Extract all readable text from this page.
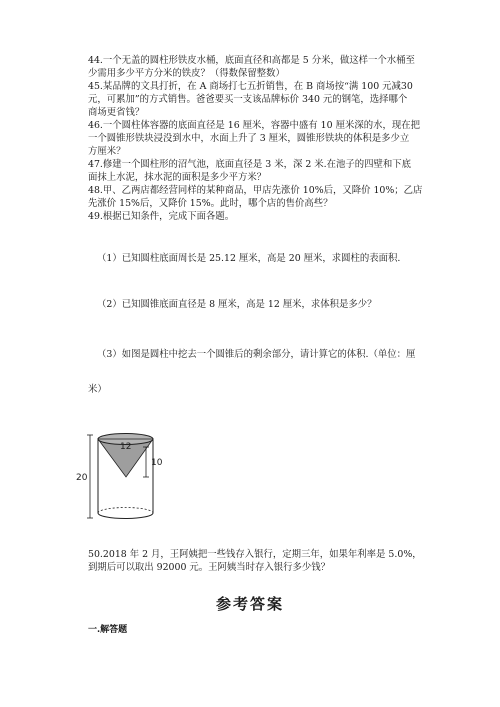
44.一个无盖的圆柱形铁皮水桶，底面直径和高都是 5 分米，做这样一个水桶至
少需用多少平方分米的铁皮？（得数保留整数）
45.某品牌的文具打折，在 A 商场打七五折销售，在 B 商场按“满 100 元减30
元，可累加”的方式销售。爸爸要买一支该品牌标价 340 元的钢笔，选择哪个
商场更省钱？
46.一个圆柱体容器的底面直径是 16 厘米，容器中盛有 10 厘米深的水，现在把
一个圆锥形铁块浸没到水中，水面上升了 3 厘米，圆锥形铁块的体积是多少立
方厘米？
47.修建一个圆柱形的沼气池，底面直径是 3 米，深 2 米.在池子的四壁和下底
面抹上水泥，抹水泥的面积是多少平方米？
48.甲、乙两店都经营同样的某种商品，甲店先涨价 10%后，又降价 10%；乙店
先涨价 15%后，又降价 15%。此时，哪个店的售价高些？
49.根据已知条件，完成下面各题。
（1）已知圆柱底面周长是 25.12 厘米，高是 20 厘米，求圆柱的表面积.
（2）已知圆锥底面直径是 8 厘米，高是 12 厘米，求体积是多少？
（3）如图是圆柱中挖去一个圆锥后的剩余部分，请计算它的体积.（单位：厘
米）
12
20
10
50.2018 年 2 月，王阿姨把一些钱存入银行，定期三年，如果年利率是 5.0%，
到期后可以取出 92000 元。王阿姨当时存入银行多少钱？
参考答案
一.解答题
